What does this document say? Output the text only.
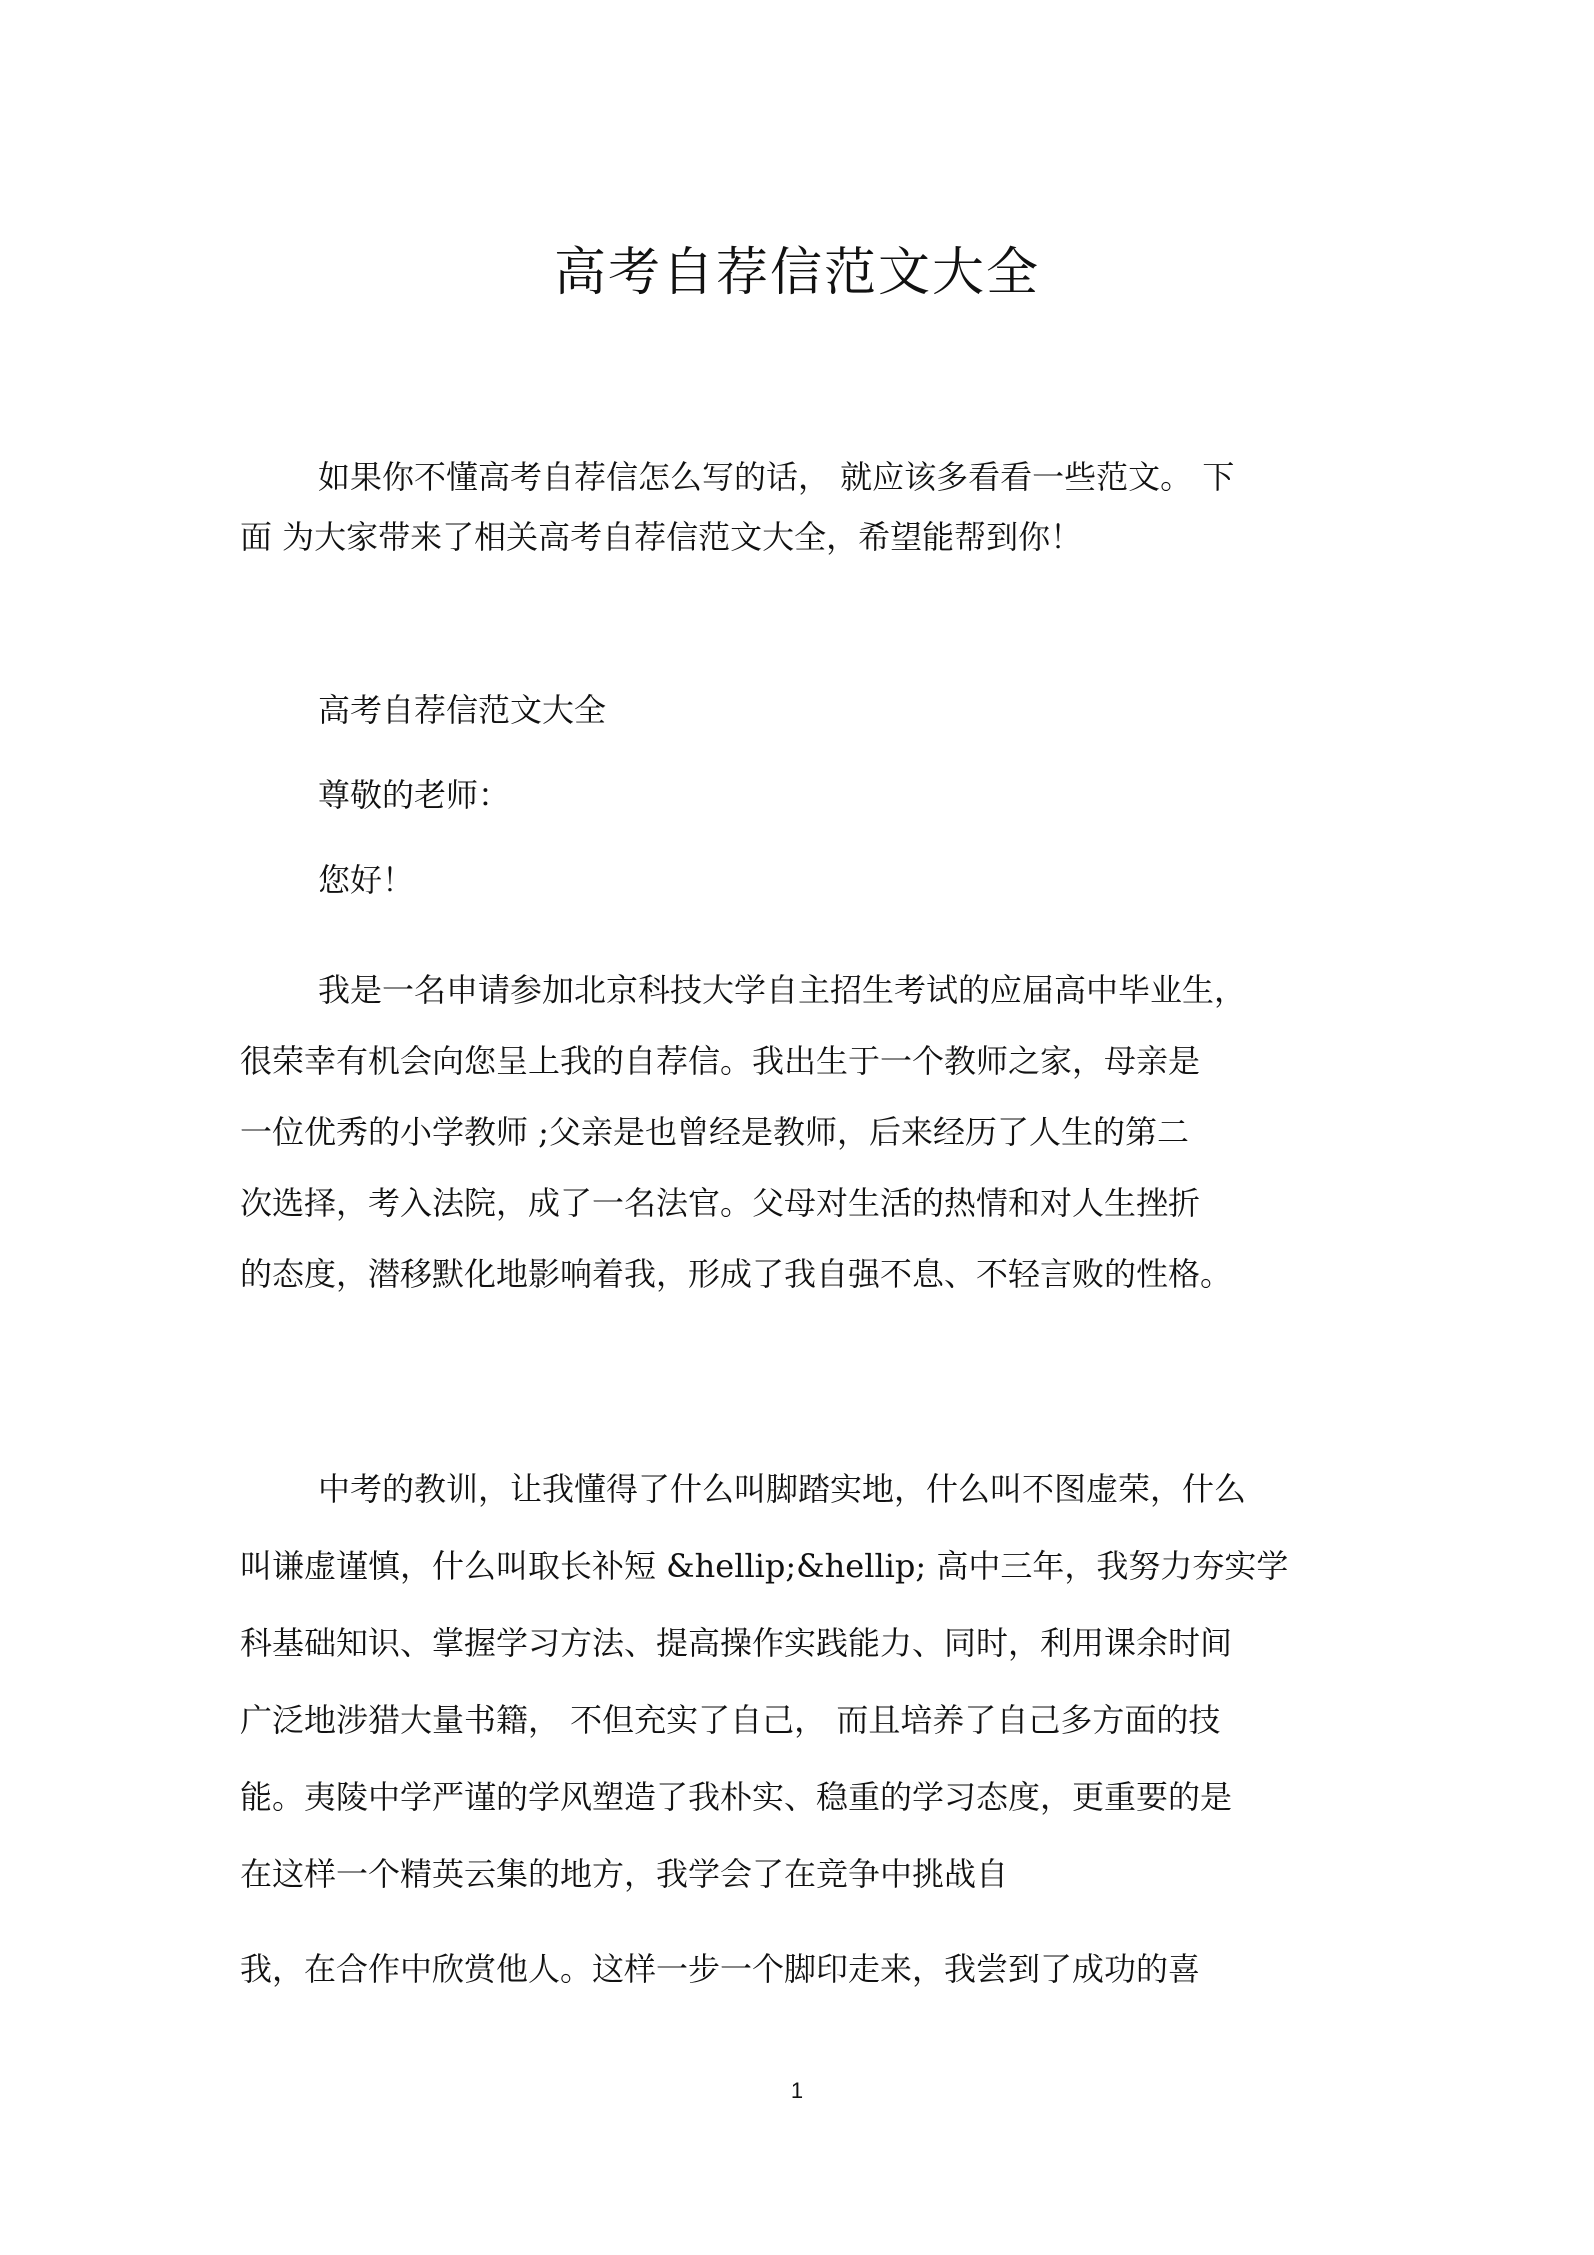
高考自荐信范文大全
如果你不懂高考自荐信怎么写的话， 就应该多看看一些范文。 下
面 为大家带来了相关高考自荐信范文大全，希望能帮到你！
高考自荐信范文大全
尊敬的老师：
您好！
我是一名申请参加北京科技大学自主招生考试的应届高中毕业生，
很荣幸有机会向您呈上我的自荐信。我出生于一个教师之家，母亲是
一位优秀的小学教师 ;父亲是也曾经是教师，后来经历了人生的第二
次选择，考入法院，成了一名法官。父母对生活的热情和对人生挫折
的态度，潜移默化地影响着我，形成了我自强不息、不轻言败的性格。
中考的教训，让我懂得了什么叫脚踏实地，什么叫不图虚荣，什么
叫谦虚谨慎，什么叫取长补短 &hellip;&hellip; 高中三年，我努力夯实学
科基础知识、掌握学习方法、提高操作实践能力、同时，利用课余时间
广泛地涉猎大量书籍， 不但充实了自己， 而且培养了自己多方面的技
能。夷陵中学严谨的学风塑造了我朴实、稳重的学习态度，更重要的是
在这样一个精英云集的地方，我学会了在竞争中挑战自
我，在合作中欣赏他人。这样一步一个脚印走来，我尝到了成功的喜
1
